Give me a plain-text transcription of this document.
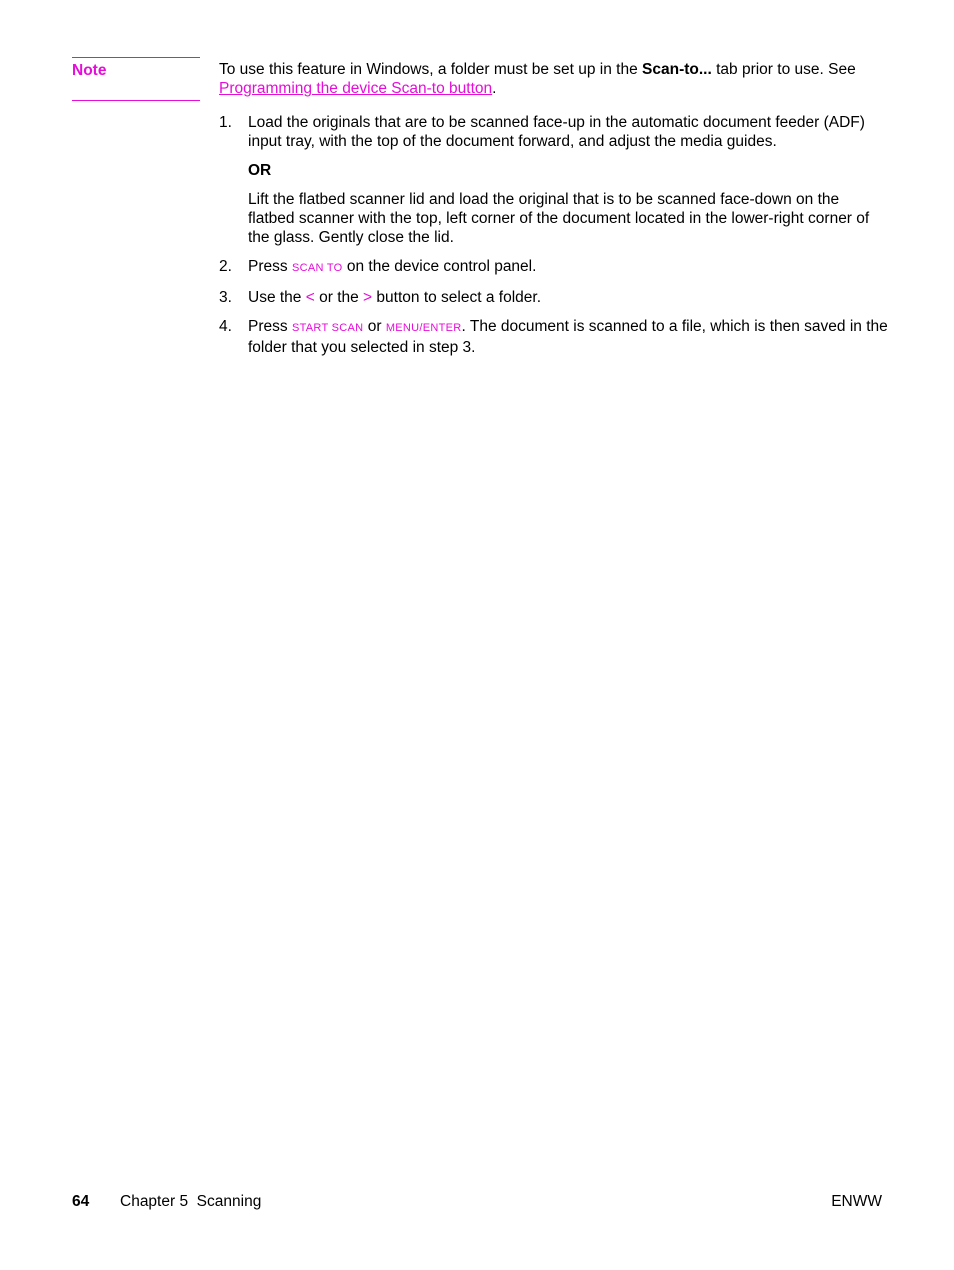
Note	To use this feature in Windows, a folder must be set up in the Scan-to... tab prior to use. See Programming the device Scan-to button.
1. Load the originals that are to be scanned face-up in the automatic document feeder (ADF) input tray, with the top of the document forward, and adjust the media guides.

OR

Lift the flatbed scanner lid and load the original that is to be scanned face-down on the flatbed scanner with the top, left corner of the document located in the lower-right corner of the glass. Gently close the lid.

2. Press SCAN TO on the device control panel.

3. Use the < or the > button to select a folder.

4. Press START SCAN or MENU/ENTER. The document is scanned to a file, which is then saved in the folder that you selected in step 3.

64 Chapter 5  Scanning	ENWW
